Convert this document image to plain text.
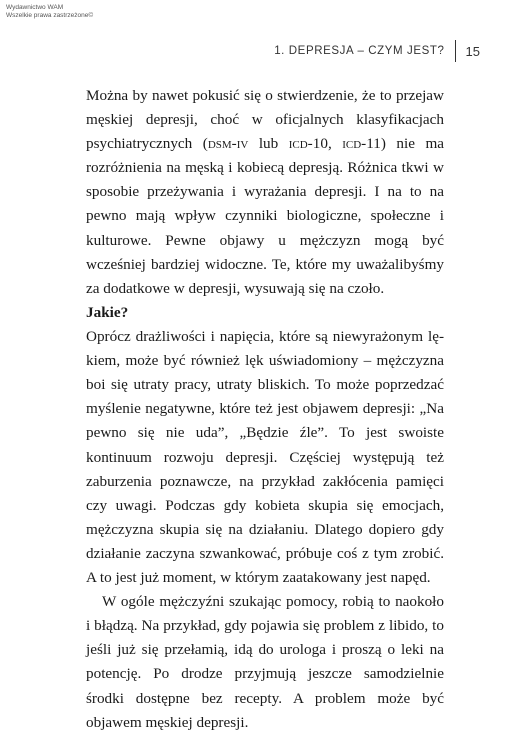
Wydawnictwo WAM
Wszelkie prawa zastrzeżone©
1. DEPRESJA – CZYM JEST? 15

Można by nawet pokusić się o stwierdzenie, że to przejaw męskiej depresji, choć w oficjalnych klasyfikacjach psychiatrycznych (dsm-iv lub icd-10, icd-11) nie ma rozróżnienia na męską i kobiecą depresją. Różnica tkwi w sposobie przeżywania i wyrażania depresji. I na to na pewno mają wpływ czynniki biologiczne, społeczne i kulturowe. Pewne objawy u mężczyzn mogą być wcześniej bardziej widoczne. Te, które my uważalibyśmy za dodatkowe w depresji, wysuwają się na czoło.

Jakie?

Oprócz drażliwości i napięcia, które są niewyrażonym lękiem, może być również lęk uświadomiony – mężczyzna boi się utraty pracy, utraty bliskich. To może poprzedzać myślenie negatywne, które też jest objawem depresji: „Na pewno się nie uda”, „Będzie źle”. To jest swoiste kontinuum rozwoju depresji. Częściej występują też zaburzenia poznawcze, na przykład zakłócenia pamięci czy uwagi. Podczas gdy kobieta skupia się emocjach, mężczyzna skupia się na działaniu. Dlatego dopiero gdy działanie zaczyna szwankować, próbuje coś z tym zrobić. A to jest już moment, w którym zaatakowany jest napęd.

W ogóle mężczyźni szukając pomocy, robią to naokoło i błądzą. Na przykład, gdy pojawia się problem z libido, to jeśli już się przełamią, idą do urologa i proszą o leki na potencję. Po drodze przyjmują jeszcze samodzielnie środki dostępne bez recepty. A problem może być objawem męskiej depresji.
